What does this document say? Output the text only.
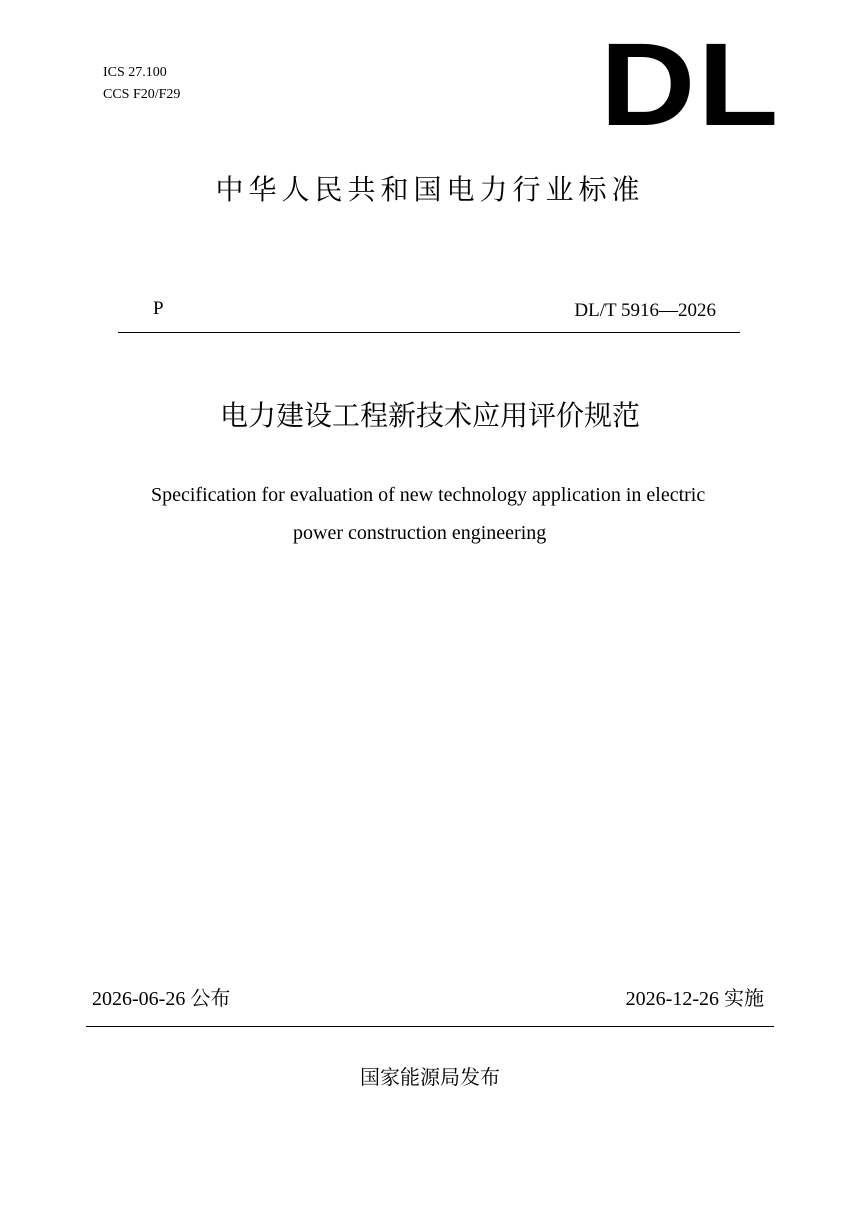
ICS 27.100
CCS F20/F29	DL
中华人民共和国电力行业标准
P	DL/T 5916—2026
电力建设工程新技术应用评价规范
Specification for evaluation of new technology application in electric
power construction engineering
2026-06-26 公布	2026-12-26 实施
国家能源局发布
